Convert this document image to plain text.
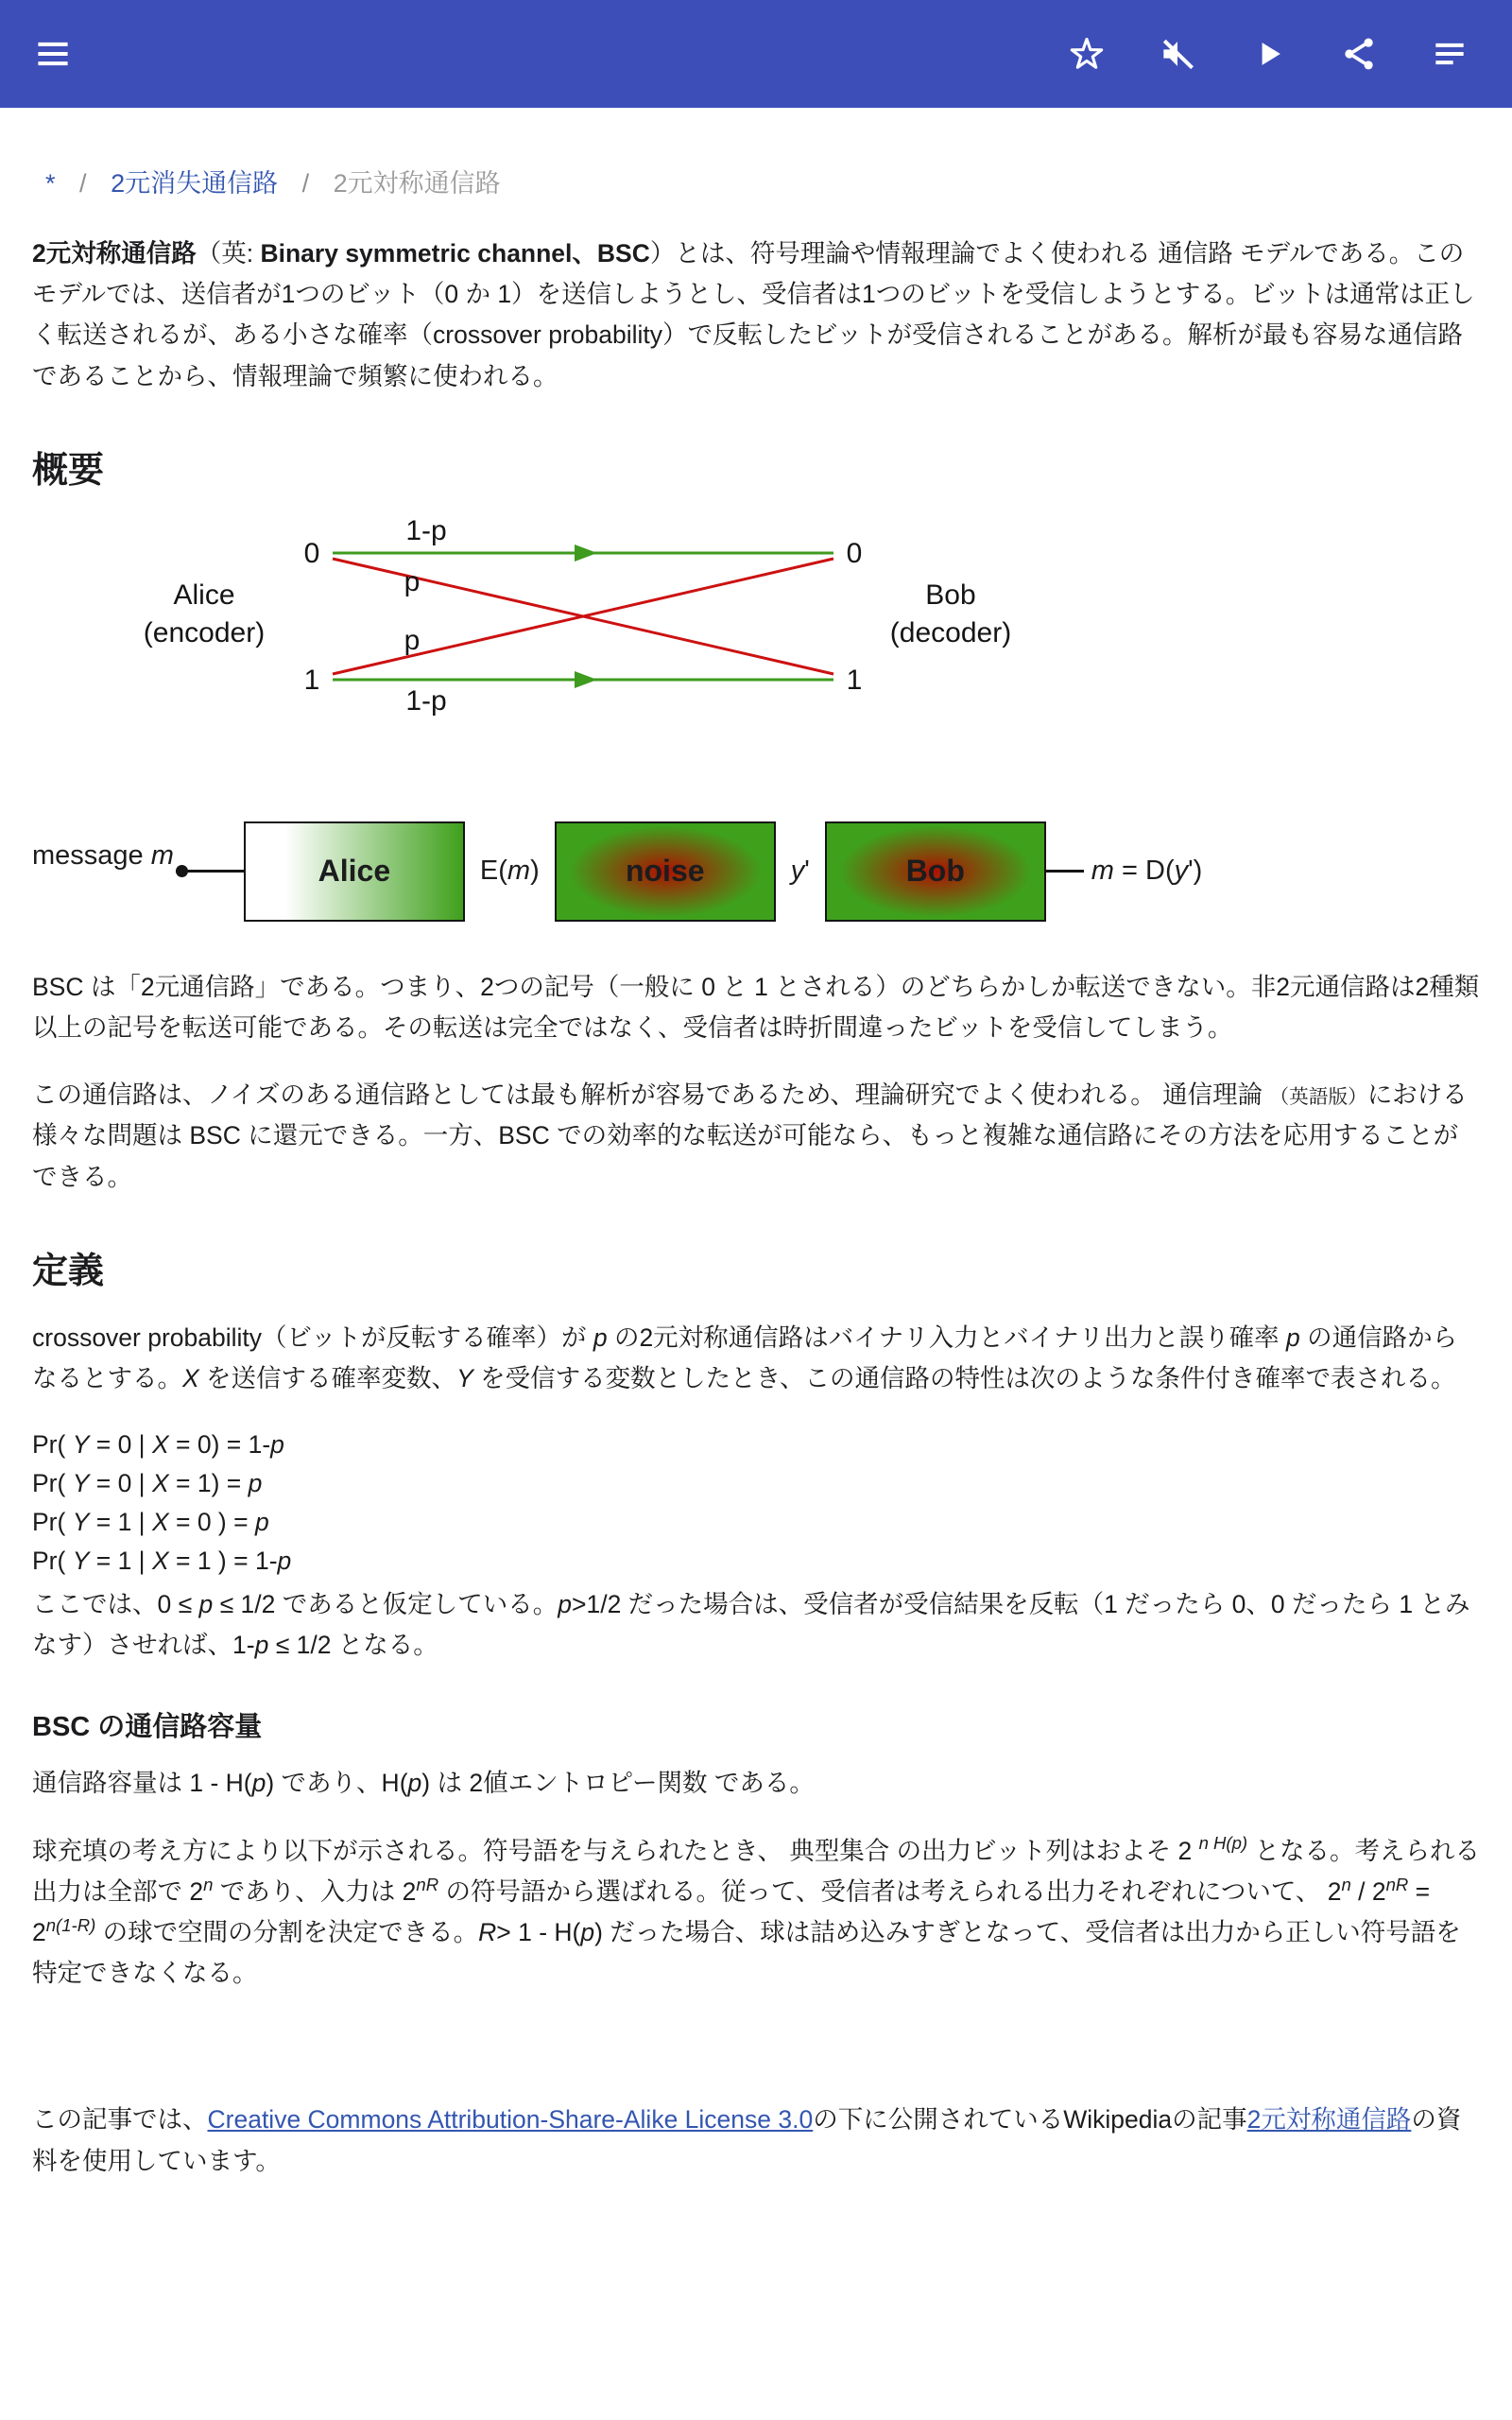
* / 2元消失通信路 / 2元対称通信路

2元対称通信路（英: Binary symmetric channel、BSC）とは、符号理論や情報理論でよく使われる 通信路 モデルである。このモデルでは、送信者が1つのビット（0 か 1）を送信しようとし、受信者は1つのビットを受信しようとする。ビットは通常は正しく転送されるが、ある小さな確率（crossover probability）で反転したビットが受信されることがある。解析が最も容易な通信路であることから、情報理論で頻繁に使われる。

概要
Alice
(encoder)
Bob
(decoder)
0
1
0
1
1-p
p
p
1-p
message m	Alice	E(m)	noise	y'	Bob	m = D(y')

BSC は「2元通信路」である。つまり、2つの記号（一般に 0 と 1 とされる）のどちらかしか転送できない。非2元通信路は2種類以上の記号を転送可能である。その転送は完全ではなく、受信者は時折間違ったビットを受信してしまう。

この通信路は、ノイズのある通信路としては最も解析が容易であるため、理論研究でよく使われる。 通信理論 （英語版）における様々な問題は BSC に還元できる。一方、BSC での効率的な転送が可能なら、もっと複雑な通信路にその方法を応用することができる。

定義

crossover probability（ビットが反転する確率）が p の2元対称通信路はバイナリ入力とバイナリ出力と誤り確率 p の通信路からなるとする。X を送信する確率変数、Y を受信する変数としたとき、この通信路の特性は次のような条件付き確率で表される。

Pr( Y = 0 | X = 0) = 1-p
Pr( Y = 0 | X = 1) = p
Pr( Y = 1 | X = 0 ) = p
Pr( Y = 1 | X = 1 ) = 1-p

ここでは、0 ≤ p ≤ 1/2 であると仮定している。p>1/2 だった場合は、受信者が受信結果を反転（1 だったら 0、0 だったら 1 とみなす）させれば、1-p ≤ 1/2 となる。

BSC の通信路容量

通信路容量は 1 - H(p) であり、H(p) は 2値エントロピー関数 である。

球充填の考え方により以下が示される。符号語を与えられたとき、 典型集合 の出力ビット列はおよそ 2 $^{n H(p)}$ となる。考えられる出力は全部で 2$^n$ であり、入力は $2^{nR}$ の符号語から選ばれる。従って、受信者は考えられる出力それぞれについて、 $2^n / 2^{nR} = 2^{n(1-R)}$ の球で空間の分割を決定できる。R> 1 - H(p) だった場合、球は詰め込みすぎとなって、受信者は出力から正しい符号語を特定できなくなる。

この記事では、Creative Commons Attribution-Share-Alike License 3.0の下に公開されているWikipediaの記事2元対称通信路の資料を使用しています。
